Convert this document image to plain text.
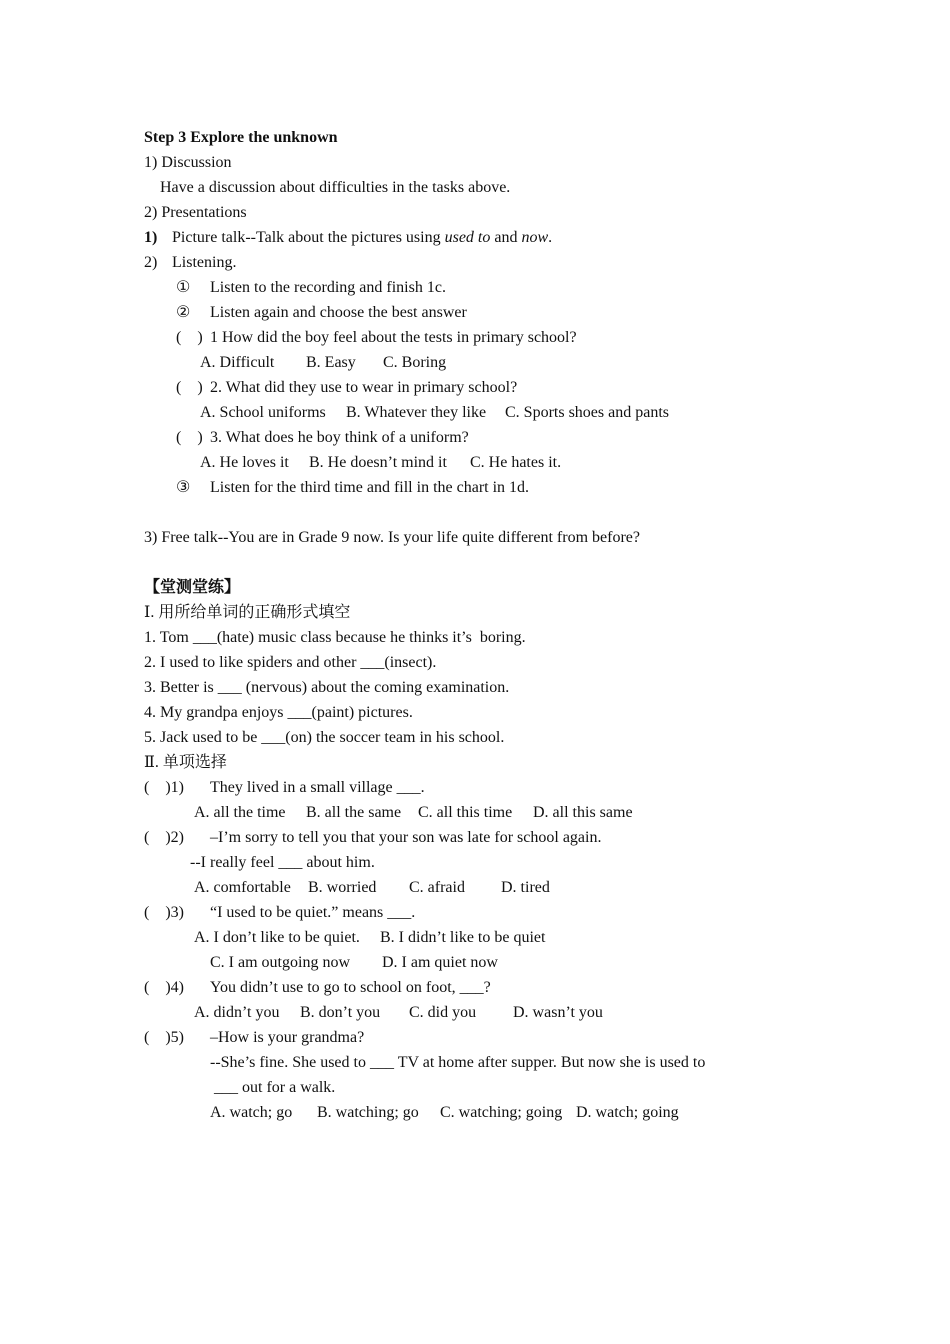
Step 3 Explore the unknown
1) Discussion
Have a discussion about difficulties in the tasks above.
2) Presentations
1) Picture talk--Talk about the pictures using used to and now.
2) Listening.
① Listen to the recording and finish 1c.
② Listen again and choose the best answer
(    ) 1 How did the boy feel about the tests in primary school?
A. Difficult B. Easy C. Boring
(    ) 2. What did they use to wear in primary school?
A. School uniforms B. Whatever they like C. Sports shoes and pants
(    ) 3. What does he boy think of a uniform?
A. He loves it B. He doesn’t mind it C. He hates it.
③ Listen for the third time and fill in the chart in 1d.
3) Free talk--You are in Grade 9 now. Is your life quite different from before?
【堂测堂练】
Ⅰ. 用所给单词的正确形式填空
1. Tom ___(hate) music class because he thinks it’s  boring.
2. I used to like spiders and other ___(insect).
3. Better is ___ (nervous) about the coming examination.
4. My grandpa enjoys ___(paint) pictures.
5. Jack used to be ___(on) the soccer team in his school.
Ⅱ. 单项选择
(    )1) They lived in a small village ___.
A. all the time B. all the same C. all this time D. all this same
(    )2) –I’m sorry to tell you that your son was late for school again.
--I really feel ___ about him.
A. comfortable B. worried C. afraid D. tired
(    )3) “I used to be quiet.” means ___.
A. I don’t like to be quiet. B. I didn’t like to be quiet
C. I am outgoing now D. I am quiet now
(    )4) You didn’t use to go to school on foot, ___?
A. didn’t you B. don’t you C. did you D. wasn’t you
(    )5) –How is your grandma?
--She’s fine. She used to ___ TV at home after supper. But now she is used to
___ out for a walk.
A. watch; go B. watching; go C. watching; going D. watch; going
